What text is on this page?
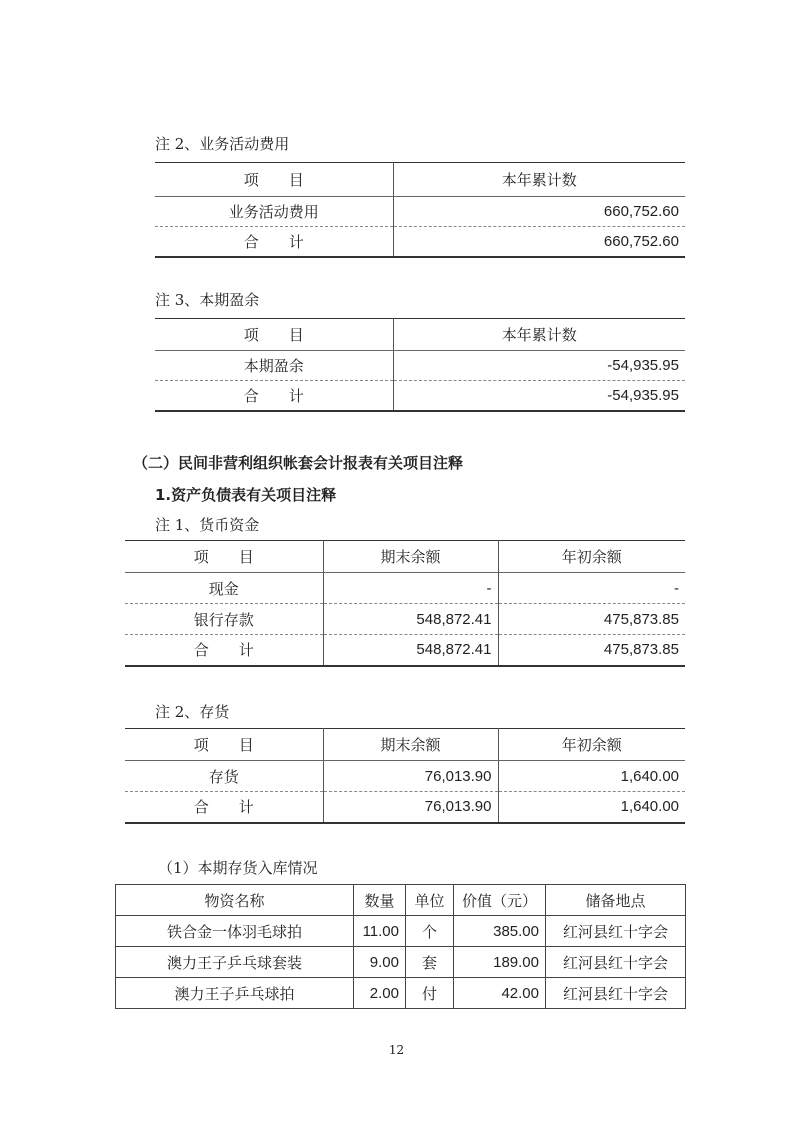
注 2、业务活动费用
项　　目	本年累计数
业务活动费用	660,752.60
合　　计	660,752.60
注 3、本期盈余
项　　目	本年累计数
本期盈余	-54,935.95
合　　计	-54,935.95
（二）民间非营利组织帐套会计报表有关项目注释
1.资产负债表有关项目注释
注 1、货币资金
项　　目	期末余额	年初余额
现金	-	-
银行存款	548,872.41	475,873.85
合　　计	548,872.41	475,873.85
注 2、存货
项　　目	期末余额	年初余额
存货	76,013.90	1,640.00
合　　计	76,013.90	1,640.00
（1）本期存货入库情况
物资名称	数量	单位	价值（元）	储备地点
铁合金一体羽毛球拍	11.00	个	385.00	红河县红十字会
澳力王子乒乓球套装	9.00	套	189.00	红河县红十字会
澳力王子乒乓球拍	2.00	付	42.00	红河县红十字会
12
